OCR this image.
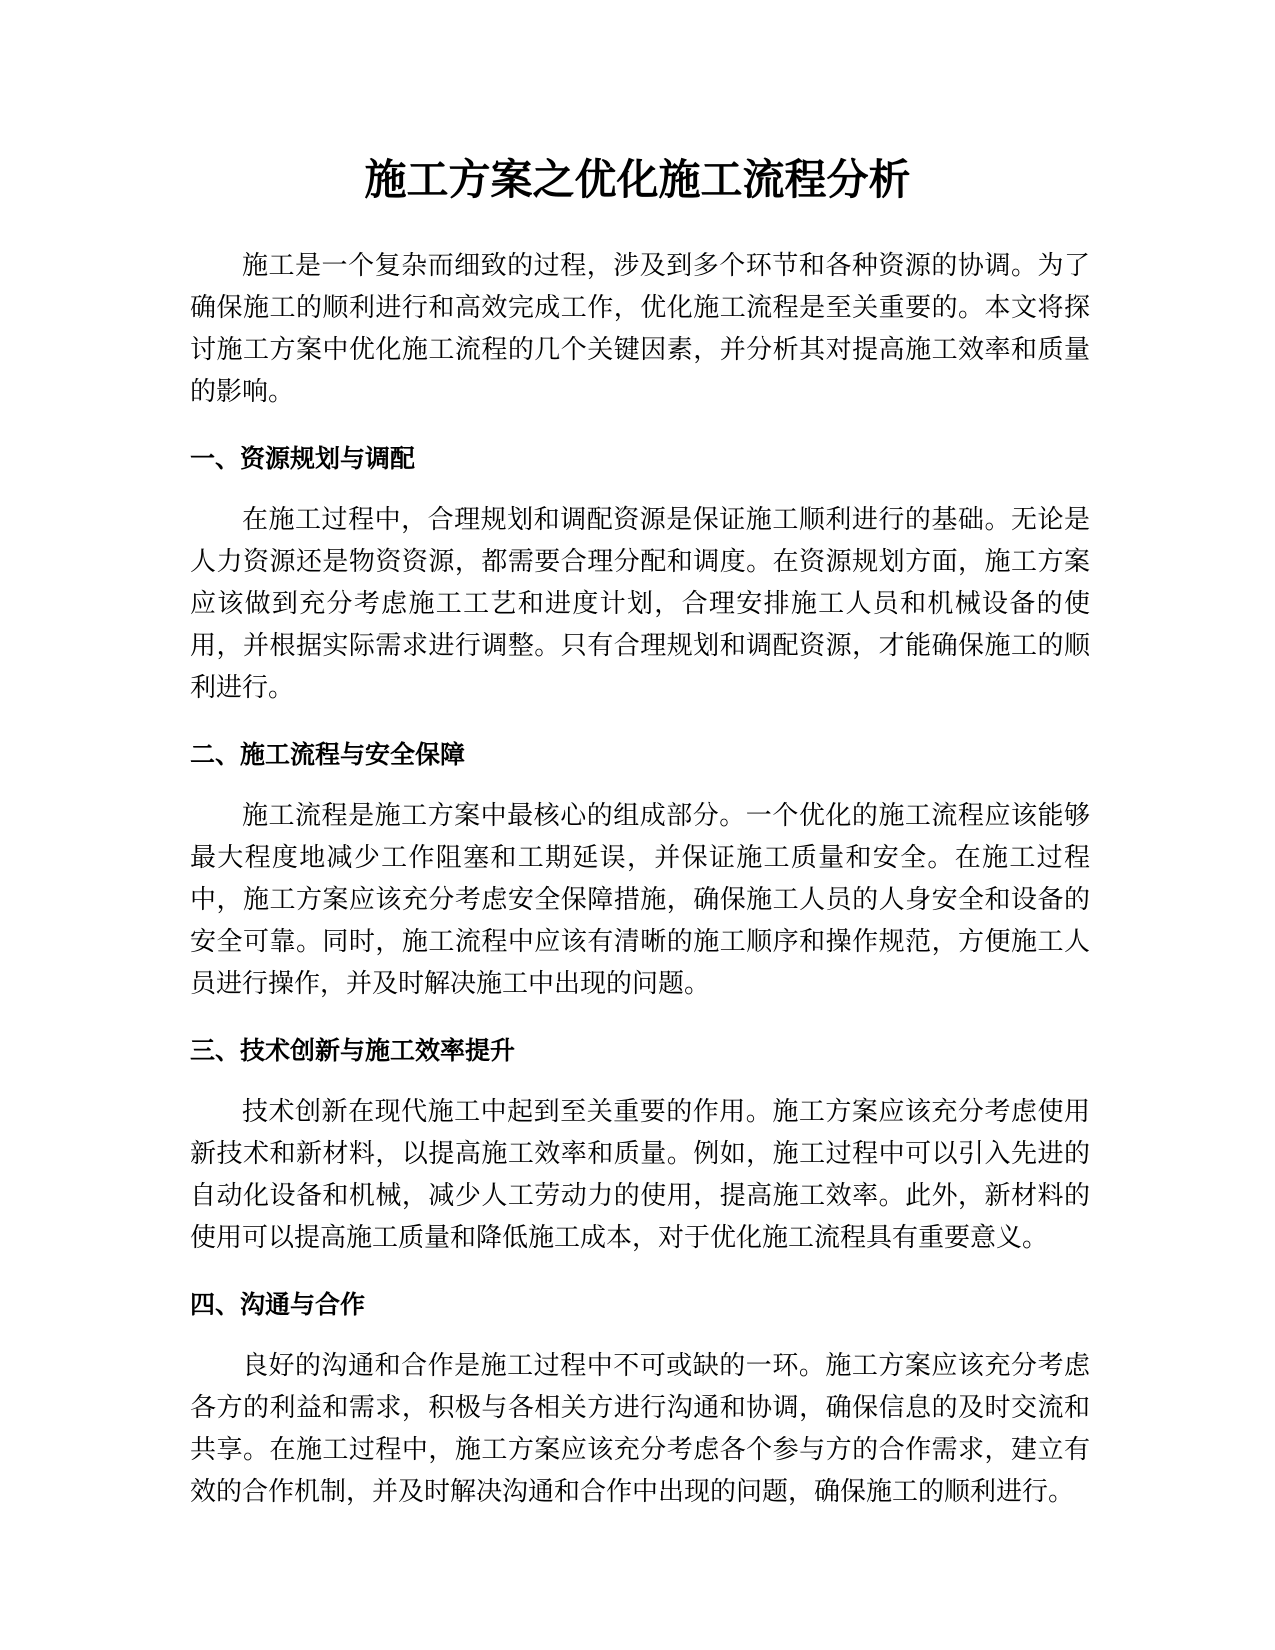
施工方案之优化施工流程分析

施工是一个复杂而细致的过程，涉及到多个环节和各种资源的协调。为了确保施工的顺利进行和高效完成工作，优化施工流程是至关重要的。本文将探讨施工方案中优化施工流程的几个关键因素，并分析其对提高施工效率和质量的影响。

一、资源规划与调配

在施工过程中，合理规划和调配资源是保证施工顺利进行的基础。无论是人力资源还是物资资源，都需要合理分配和调度。在资源规划方面，施工方案应该做到充分考虑施工工艺和进度计划，合理安排施工人员和机械设备的使用，并根据实际需求进行调整。只有合理规划和调配资源，才能确保施工的顺利进行。

二、施工流程与安全保障

施工流程是施工方案中最核心的组成部分。一个优化的施工流程应该能够最大程度地减少工作阻塞和工期延误，并保证施工质量和安全。在施工过程中，施工方案应该充分考虑安全保障措施，确保施工人员的人身安全和设备的安全可靠。同时，施工流程中应该有清晰的施工顺序和操作规范，方便施工人员进行操作，并及时解决施工中出现的问题。

三、技术创新与施工效率提升

技术创新在现代施工中起到至关重要的作用。施工方案应该充分考虑使用新技术和新材料，以提高施工效率和质量。例如，施工过程中可以引入先进的自动化设备和机械，减少人工劳动力的使用，提高施工效率。此外，新材料的使用可以提高施工质量和降低施工成本，对于优化施工流程具有重要意义。

四、沟通与合作

良好的沟通和合作是施工过程中不可或缺的一环。施工方案应该充分考虑各方的利益和需求，积极与各相关方进行沟通和协调，确保信息的及时交流和共享。在施工过程中，施工方案应该充分考虑各个参与方的合作需求，建立有效的合作机制，并及时解决沟通和合作中出现的问题，确保施工的顺利进行。
